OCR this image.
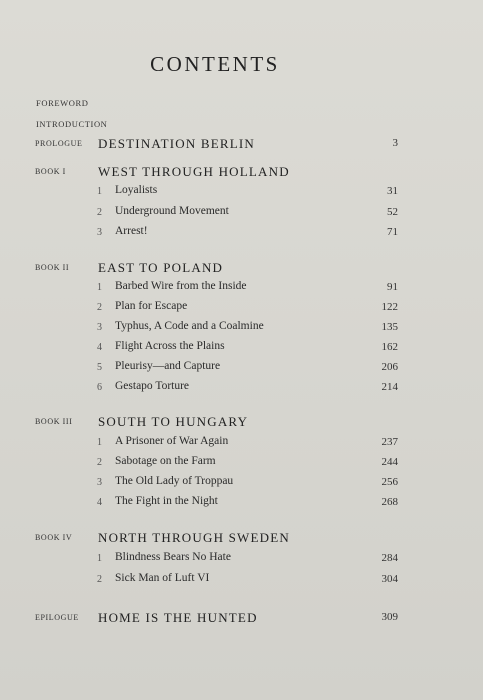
CONTENTS
FOREWORD
INTRODUCTION
PROLOGUE DESTINATION BERLIN	3
BOOK I WEST THROUGH HOLLAND
1 Loyalists	31
2 Underground Movement	52
3 Arrest!	71
BOOK II EAST TO POLAND
1 Barbed Wire from the Inside	91
2 Plan for Escape	122
3 Typhus, A Code and a Coalmine	135
4 Flight Across the Plains	162
5 Pleurisy—and Capture	206
6 Gestapo Torture	214
BOOK III SOUTH TO HUNGARY
1 A Prisoner of War Again	237
2 Sabotage on the Farm	244
3 The Old Lady of Troppau	256
4 The Fight in the Night	268
BOOK IV NORTH THROUGH SWEDEN
1 Blindness Bears No Hate	284
2 Sick Man of Luft VI	304
EPILOGUE HOME IS THE HUNTED	309
